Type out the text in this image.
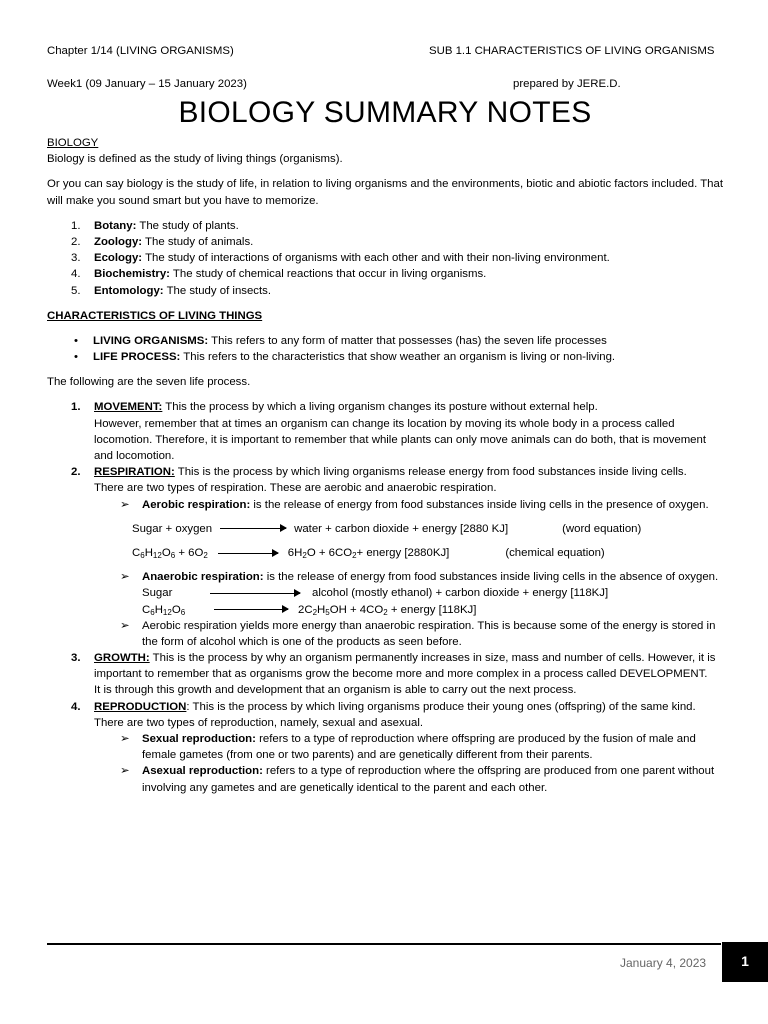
Chapter 1/14 (LIVING ORGANISMS)	SUB 1.1 CHARACTERISTICS OF LIVING ORGANISMS
Week1 (09 January – 15 January 2023)	prepared by JERE.D.
BIOLOGY SUMMARY NOTES

BIOLOGY

Biology is defined as the study of living things (organisms).

Or you can say biology is the study of life, in relation to living organisms and the environments, biotic and abiotic factors included. That will make you sound smart but you have to memorize.

1.	Botany: The study of plants.
2.	Zoology: The study of animals.
3.	Ecology: The study of interactions of organisms with each other and with their non-living environment.
4.	Biochemistry: The study of chemical reactions that occur in living organisms.
5.	Entomology: The study of insects.

CHARACTERISTICS OF LIVING THINGS

•	LIVING ORGANISMS: This refers to any form of matter that possesses (has) the seven life processes
•	LIFE PROCESS: This refers to the characteristics that show weather an organism is living or non-living.

The following are the seven life process.

1.	MOVEMENT: This the process by which a living organism changes its posture without external help.

However, remember that at times an organism can change its location by moving its whole body in a process called locomotion. Therefore, it is important to remember that while plants can only move animals can do both, that is movement and locomotion.

2.	RESPIRATION: This is the process by which living organisms release energy from food substances inside living cells.

There are two types of respiration. These are aerobic and anaerobic respiration.

➢	Aerobic respiration: is the release of energy from food substances inside living cells in the presence of oxygen.
Sugar + oxygen	water + carbon dioxide + energy [2880 KJ]	(word equation)
$C_6H_{12}O_6 + 6O_2$	$6H_2O + 6CO_2$ + energy [2880KJ]	(chemical equation)
➢	Anaerobic respiration: is the release of energy from food substances inside living cells in the absence of oxygen.

Sugar	alcohol (mostly ethanol) + carbon dioxide + energy [118KJ]
$C_6H_{12}O_6$	$2C_2H_5OH + 4CO_2$ + energy [118KJ]
➢	Aerobic respiration yields more energy than anaerobic respiration. This is because some of the energy is stored in the form of alcohol which is one of the products as seen before.
3.	GROWTH: This is the process by why an organism permanently increases in size, mass and number of cells. However, it is important to remember that as organisms grow the become more and more complex in a process called DEVELOPMENT.

It is through this growth and development that an organism is able to carry out the next process.

4.	REPRODUCTION: This is the process by which living organisms produce their young ones (offspring) of the same kind.

There are two types of reproduction, namely, sexual and asexual.

➢	Sexual reproduction: refers to a type of reproduction where offspring are produced by the fusion of male and female gametes (from one or two parents) and are genetically different from their parents.
➢	Asexual reproduction: refers to a type of reproduction where the offspring are produced from one parent without involving any gametes and are genetically identical to the parent and each other.
January 4, 2023	1
